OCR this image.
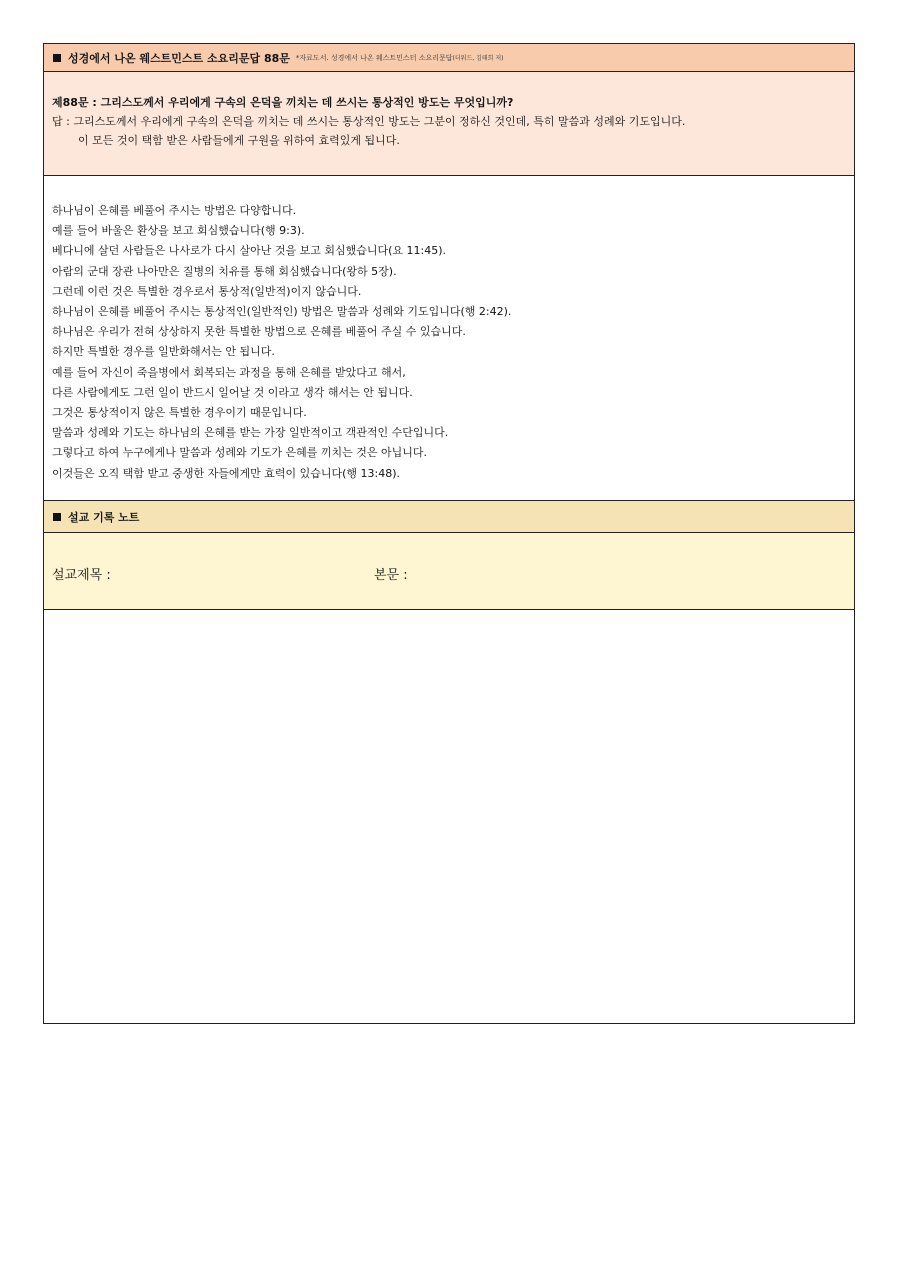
성경에서 나온 웨스트민스트 소요리문답 88문 *자료도서. 성경에서 나온 웨스트민스터 소요리문답(더워드, 김태희 저)
제88문 : 그리스도께서 우리에게 구속의 은덕을 끼치는 데 쓰시는 통상적인 방도는 무엇입니까?
답 : 그리스도께서 우리에게 구속의 은덕을 끼치는 데 쓰시는 통상적인 방도는 그분이 정하신 것인데, 특히 말씀과 성례와 기도입니다.
이 모든 것이 택함 받은 사람들에게 구원을 위하여 효력있게 됩니다.

하나님이 은혜를 베풀어 주시는 방법은 다양합니다.

예를 들어 바울은 환상을 보고 회심했습니다(행 9:3).

베다니에 살던 사람들은 나사로가 다시 살아난 것을 보고 회심했습니다(요 11:45).

아람의 군대 장관 나아만은 질병의 치유를 통해 회심했습니다(왕하 5장).

그런데 이런 것은 특별한 경우로서 통상적(일반적)이지 않습니다.

하나님이 은혜를 베풀어 주시는 통상적인(일반적인) 방법은 말씀과 성례와 기도입니다(행 2:42).

하나님은 우리가 전혀 상상하지 못한 특별한 방법으로 은혜를 베풀어 주실 수 있습니다.

하지만 특별한 경우를 일반화해서는 안 됩니다.

예를 들어 자신이 죽을병에서 회복되는 과정을 통해 은혜를 받았다고 해서,

다른 사람에게도 그런 일이 반드시 일어날 것 이라고 생각 해서는 안 됩니다.

그것은 통상적이지 않은 특별한 경우이기 때문입니다.

말씀과 성례와 기도는 하나님의 은혜를 받는 가장 일반적이고 객관적인 수단입니다.

그렇다고 하여 누구에게나 말씀과 성례와 기도가 은혜를 끼치는 것은 아닙니다.

이것들은 오직 택함 받고 중생한 자들에게만 효력이 있습니다(행 13:48).

설교 기록 노트
설교제목 :	본문 :
